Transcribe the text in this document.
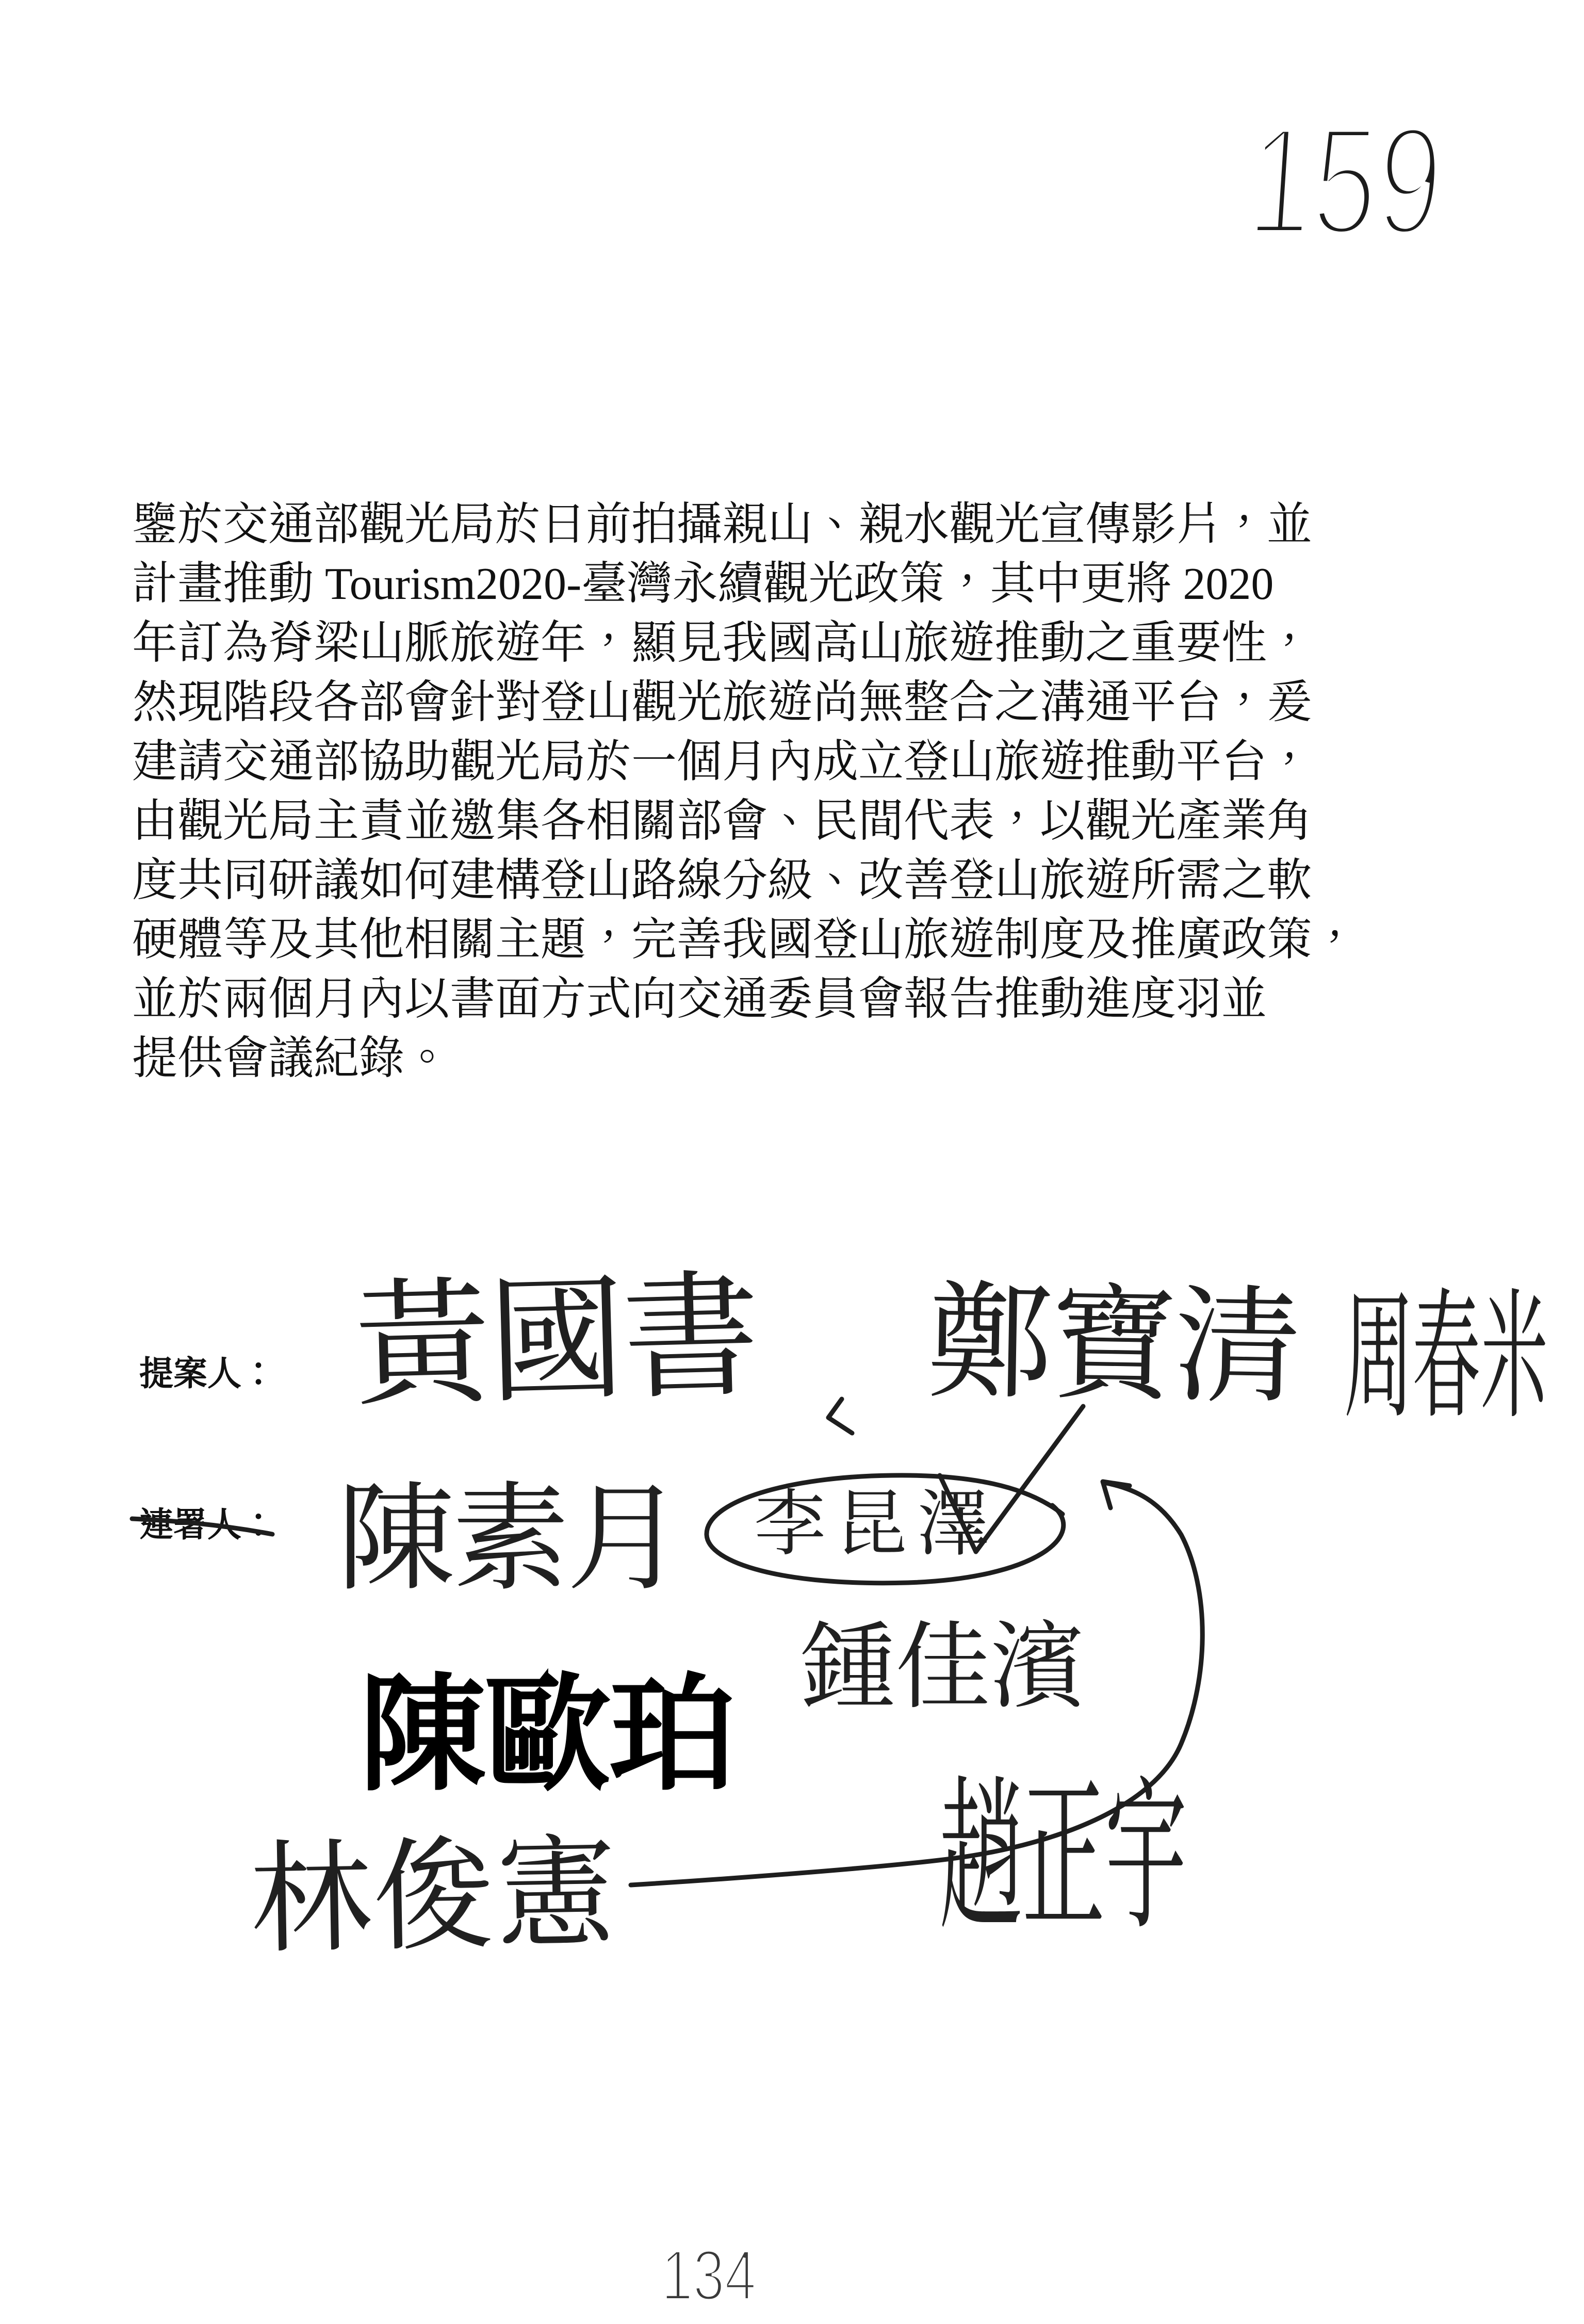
159
鑒於交通部觀光局於日前拍攝親山、親水觀光宣傳影片，並
計畫推動 Tourism2020-臺灣永續觀光政策，其中更將 2020
年訂為脊梁山脈旅遊年，顯見我國高山旅遊推動之重要性，
然現階段各部會針對登山觀光旅遊尚無整合之溝通平台，爰
建請交通部協助觀光局於一個月內成立登山旅遊推動平台，
由觀光局主責並邀集各相關部會、民間代表，以觀光產業角
度共同研議如何建構登山路線分級、改善登山旅遊所需之軟
硬體等及其他相關主題，完善我國登山旅遊制度及推廣政策，
並於兩個月內以書面方式向交通委員會報告推動進度羽並
提供會議紀錄。
提案人：
連署人：
黃國書 鄭寶清 周春米
陳素月 李昆澤
陳歐珀 鍾佳濱
林俊憲	趙正宇
134
